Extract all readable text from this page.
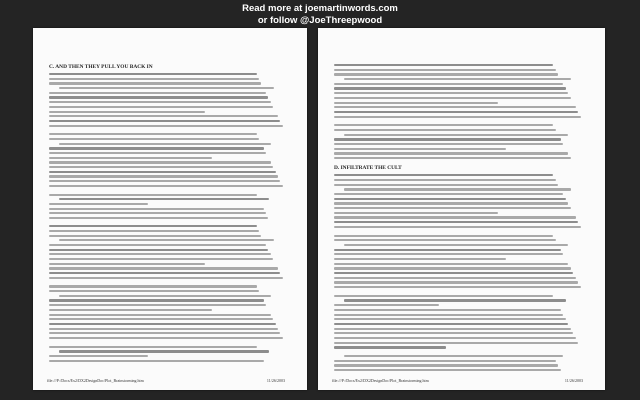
Read more at joemartinwords.com
or follow @JoeThreepwood
C. AND THEN THEY PULL YOU BACK IN
file:///P:/Docs/Ex2/DX2DesignDoc/Plot_Brainstorming.htm	11/26/2003
D. INFILTRATE THE CULT
file:///P:/Docs/Ex2/DX2DesignDoc/Plot_Brainstorming.htm	11/26/2003
